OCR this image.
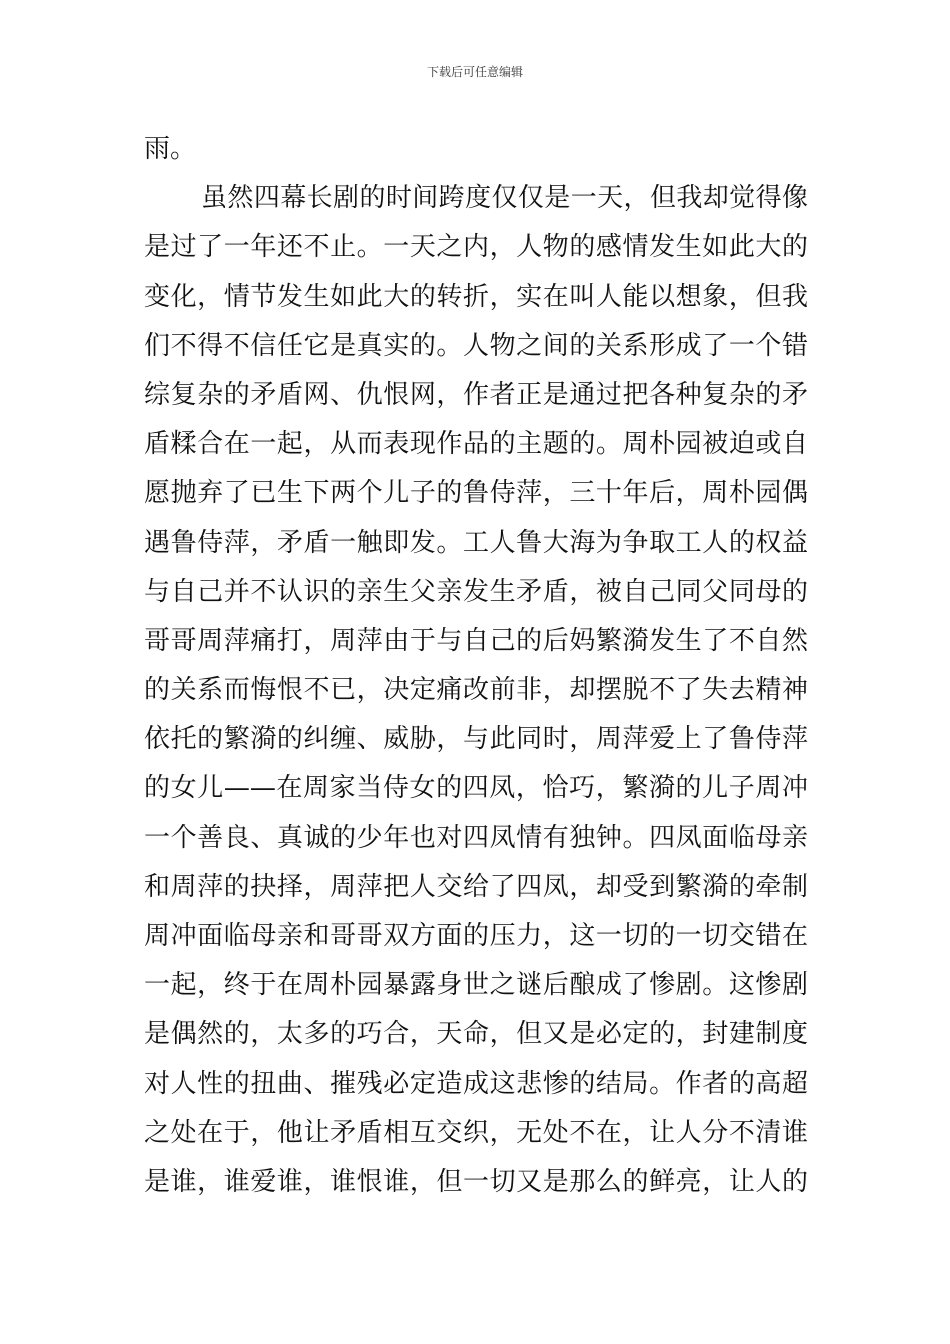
下载后可任意编辑
雨。
虽然四幕长剧的时间跨度仅仅是一天，但我却觉得像
是过了一年还不止。一天之内，人物的感情发生如此大的
变化，情节发生如此大的转折，实在叫人能以想象，但我
们不得不信任它是真实的。人物之间的关系形成了一个错
综复杂的矛盾网、仇恨网，作者正是通过把各种复杂的矛
盾糅合在一起，从而表现作品的主题的。周朴园被迫或自
愿抛弃了已生下两个儿子的鲁侍萍，三十年后，周朴园偶
遇鲁侍萍，矛盾一触即发。工人鲁大海为争取工人的权益
与自己并不认识的亲生父亲发生矛盾，被自己同父同母的
哥哥周萍痛打，周萍由于与自己的后妈繁漪发生了不自然
的关系而悔恨不已，决定痛改前非，却摆脱不了失去精神
依托的繁漪的纠缠、威胁，与此同时，周萍爱上了鲁侍萍
的女儿——在周家当侍女的四凤，恰巧，繁漪的儿子周冲
一个善良、真诚的少年也对四凤情有独钟。四凤面临母亲
和周萍的抉择，周萍把人交给了四凤，却受到繁漪的牵制
周冲面临母亲和哥哥双方面的压力，这一切的一切交错在
一起，终于在周朴园暴露身世之谜后酿成了惨剧。这惨剧
是偶然的，太多的巧合，天命，但又是必定的，封建制度
对人性的扭曲、摧残必定造成这悲惨的结局。作者的高超
之处在于，他让矛盾相互交织，无处不在，让人分不清谁
是谁，谁爱谁，谁恨谁，但一切又是那么的鲜亮，让人的
